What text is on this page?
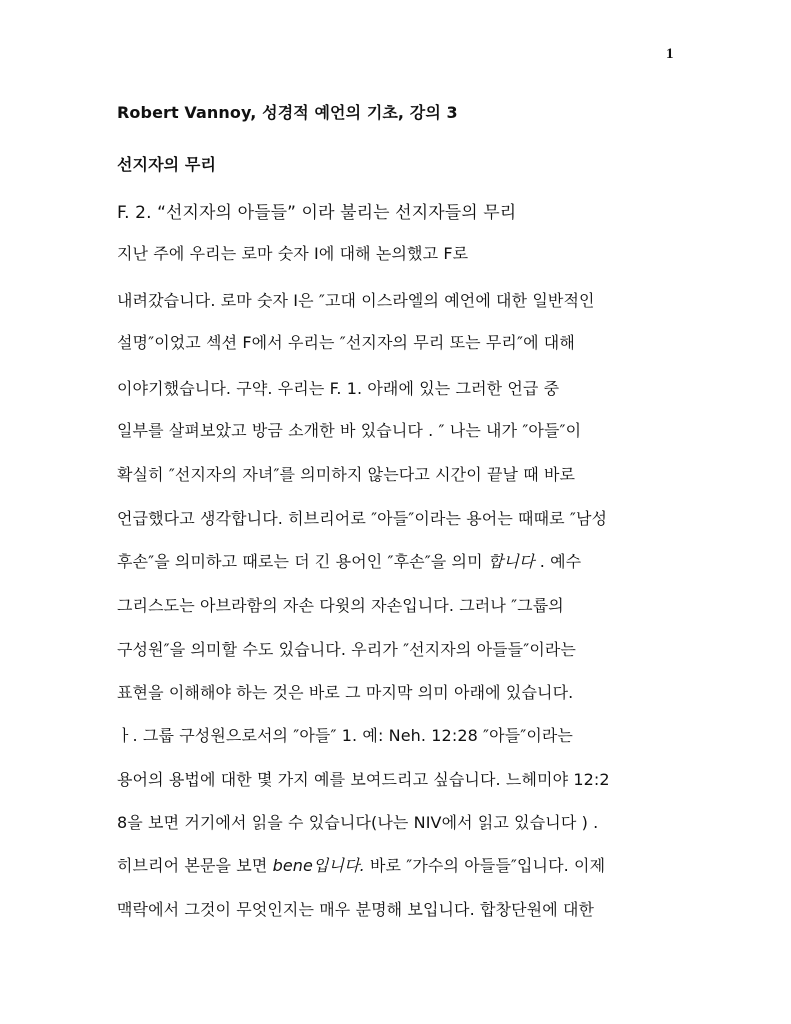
1
Robert Vannoy, 성경적 예언의 기초, 강의 3
선지자의 무리
F. 2. “선지자의 아들들” 이라 불리는 선지자들의 무리
지난 주에 우리는 로마 숫자 I에 대해 논의했고 F로
내려갔습니다. 로마 숫자 I은 ″고대 이스라엘의 예언에 대한 일반적인
설명″이었고 섹션 F에서 우리는 ″선지자의 무리 또는 무리″에 대해
이야기했습니다. 구약. 우리는 F. 1. 아래에 있는 그러한 언급 중
일부를 살펴보았고 방금 소개한 바 있습니다 . ″ 나는 내가 ″아들″이
확실히 ″선지자의 자녀″를 의미하지 않는다고 시간이 끝날 때 바로
언급했다고 생각합니다. 히브리어로 ″아들″이라는 용어는 때때로 ″남성
후손″을 의미하고 때로는 더 긴 용어인 ″후손″을 의미 합니다 . 예수
그리스도는 아브라함의 자손 다윗의 자손입니다. 그러나 ″그룹의
구성원″을 의미할 수도 있습니다. 우리가 ″선지자의 아들들″이라는
표현을 이해해야 하는 것은 바로 그 마지막 의미 아래에 있습니다.
ㅏ. 그룹 구성원으로서의 ″아들″ 1. 예: Neh. 12:28 ″아들″이라는
용어의 용법에 대한 몇 가지 예를 보여드리고 싶습니다. 느헤미야 12:2
8을 보면 거기에서 읽을 수 있습니다(나는 NIV에서 읽고 있습니다 ) .
히브리어 본문을 보면 bene입니다. 바로 ″가수의 아들들″입니다. 이제
맥락에서 그것이 무엇인지는 매우 분명해 보입니다. 합창단원에 대한
